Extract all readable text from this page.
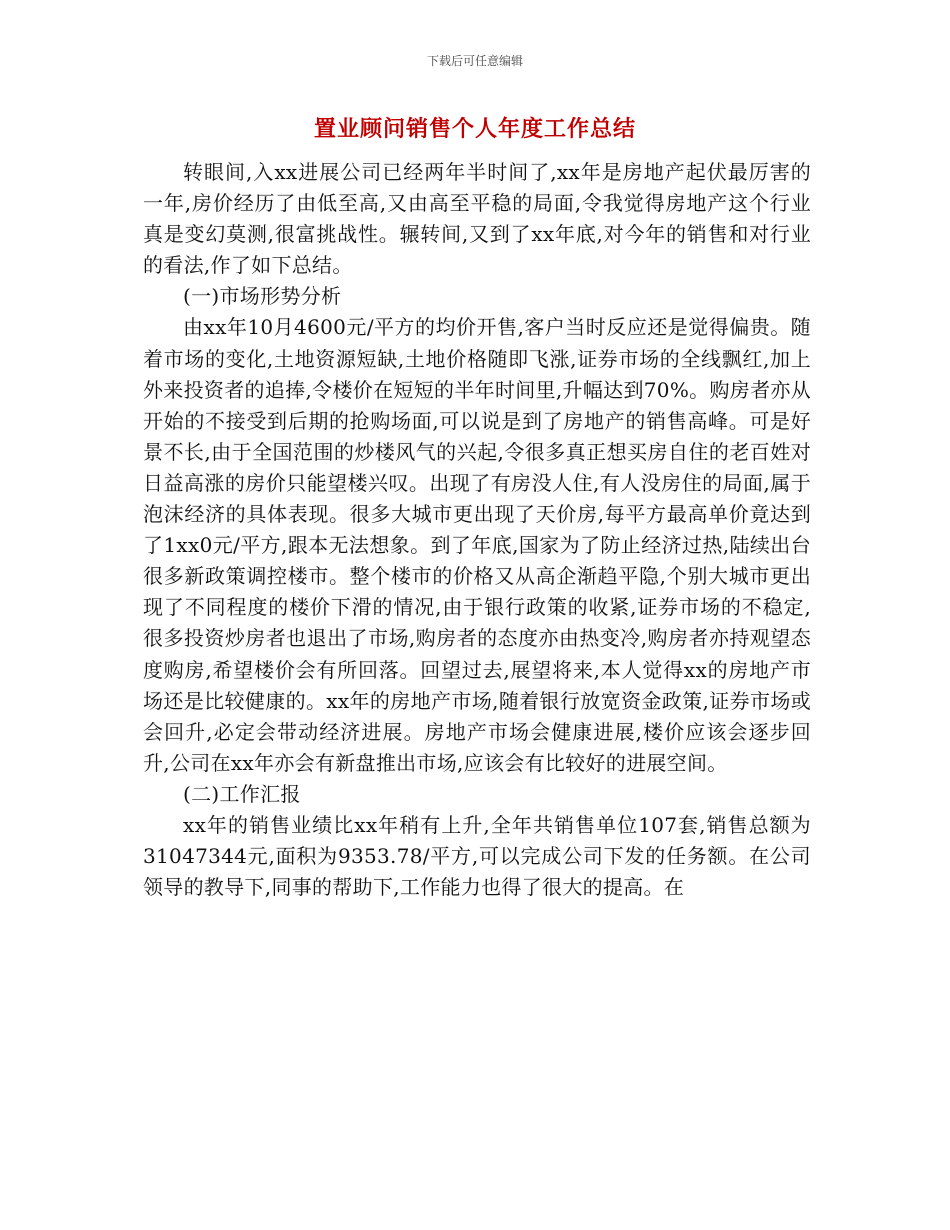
下载后可任意编辑
置业顾问销售个人年度工作总结

转眼间,入xx进展公司已经两年半时间了,xx年是房地产起伏最厉害的一年,房价经历了由低至高,又由高至平稳的局面,令我觉得房地产这个行业真是变幻莫测,很富挑战性。辗转间,又到了xx年底,对今年的销售和对行业的看法,作了如下总结。

(一)市场形势分析

由xx年10月4600元/平方的均价开售,客户当时反应还是觉得偏贵。随着市场的变化,土地资源短缺,土地价格随即飞涨,证券市场的全线飘红,加上外来投资者的追捧,令楼价在短短的半年时间里,升幅达到70%。购房者亦从开始的不接受到后期的抢购场面,可以说是到了房地产的销售高峰。可是好景不长,由于全国范围的炒楼风气的兴起,令很多真正想买房自住的老百姓对日益高涨的房价只能望楼兴叹。出现了有房没人住,有人没房住的局面,属于泡沫经济的具体表现。很多大城市更出现了天价房,每平方最高单价竟达到了1xx0元/平方,跟本无法想象。到了年底,国家为了防止经济过热,陆续出台很多新政策调控楼市。整个楼市的价格又从高企渐趋平隐,个别大城市更出现了不同程度的楼价下滑的情况,由于银行政策的收紧,证券市场的不稳定,很多投资炒房者也退出了市场,购房者的态度亦由热变冷,购房者亦持观望态度购房,希望楼价会有所回落。回望过去,展望将来,本人觉得xx的房地产市场还是比较健康的。xx年的房地产市场,随着银行放宽资金政策,证券市场或会回升,必定会带动经济进展。房地产市场会健康进展,楼价应该会逐步回升,公司在xx年亦会有新盘推出市场,应该会有比较好的进展空间。

(二)工作汇报

xx年的销售业绩比xx年稍有上升,全年共销售单位107套,销售总额为31047344元,面积为9353.78/平方,可以完成公司下发的任务额。在公司领导的教导下,同事的帮助下,工作能力也得了很大的提高。在
